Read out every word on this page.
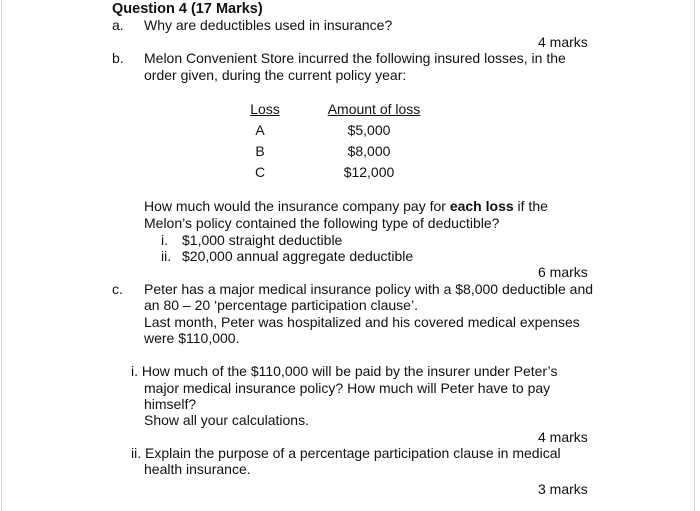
Question 4 (17 Marks)
a. Why are deductibles used in insurance?
4 marks
b. Melon Convenient Store incurred the following insured losses, in the
order given, during the current policy year:
Loss	Amount of loss
A	$5,000
B	$8,000
C	$12,000
How much would the insurance company pay for each loss if the
Melon’s policy contained the following type of deductible?
i. $1,000 straight deductible
ii. $20,000 annual aggregate deductible
6 marks
c. Peter has a major medical insurance policy with a $8,000 deductible and
an 80 – 20 ‘percentage participation clause’.
Last month, Peter was hospitalized and his covered medical expenses
were $110,000.
i. How much of the $110,000 will be paid by the insurer under Peter’s
major medical insurance policy? How much will Peter have to pay
himself?
Show all your calculations.
4 marks
ii. Explain the purpose of a percentage participation clause in medical
health insurance.
3 marks
